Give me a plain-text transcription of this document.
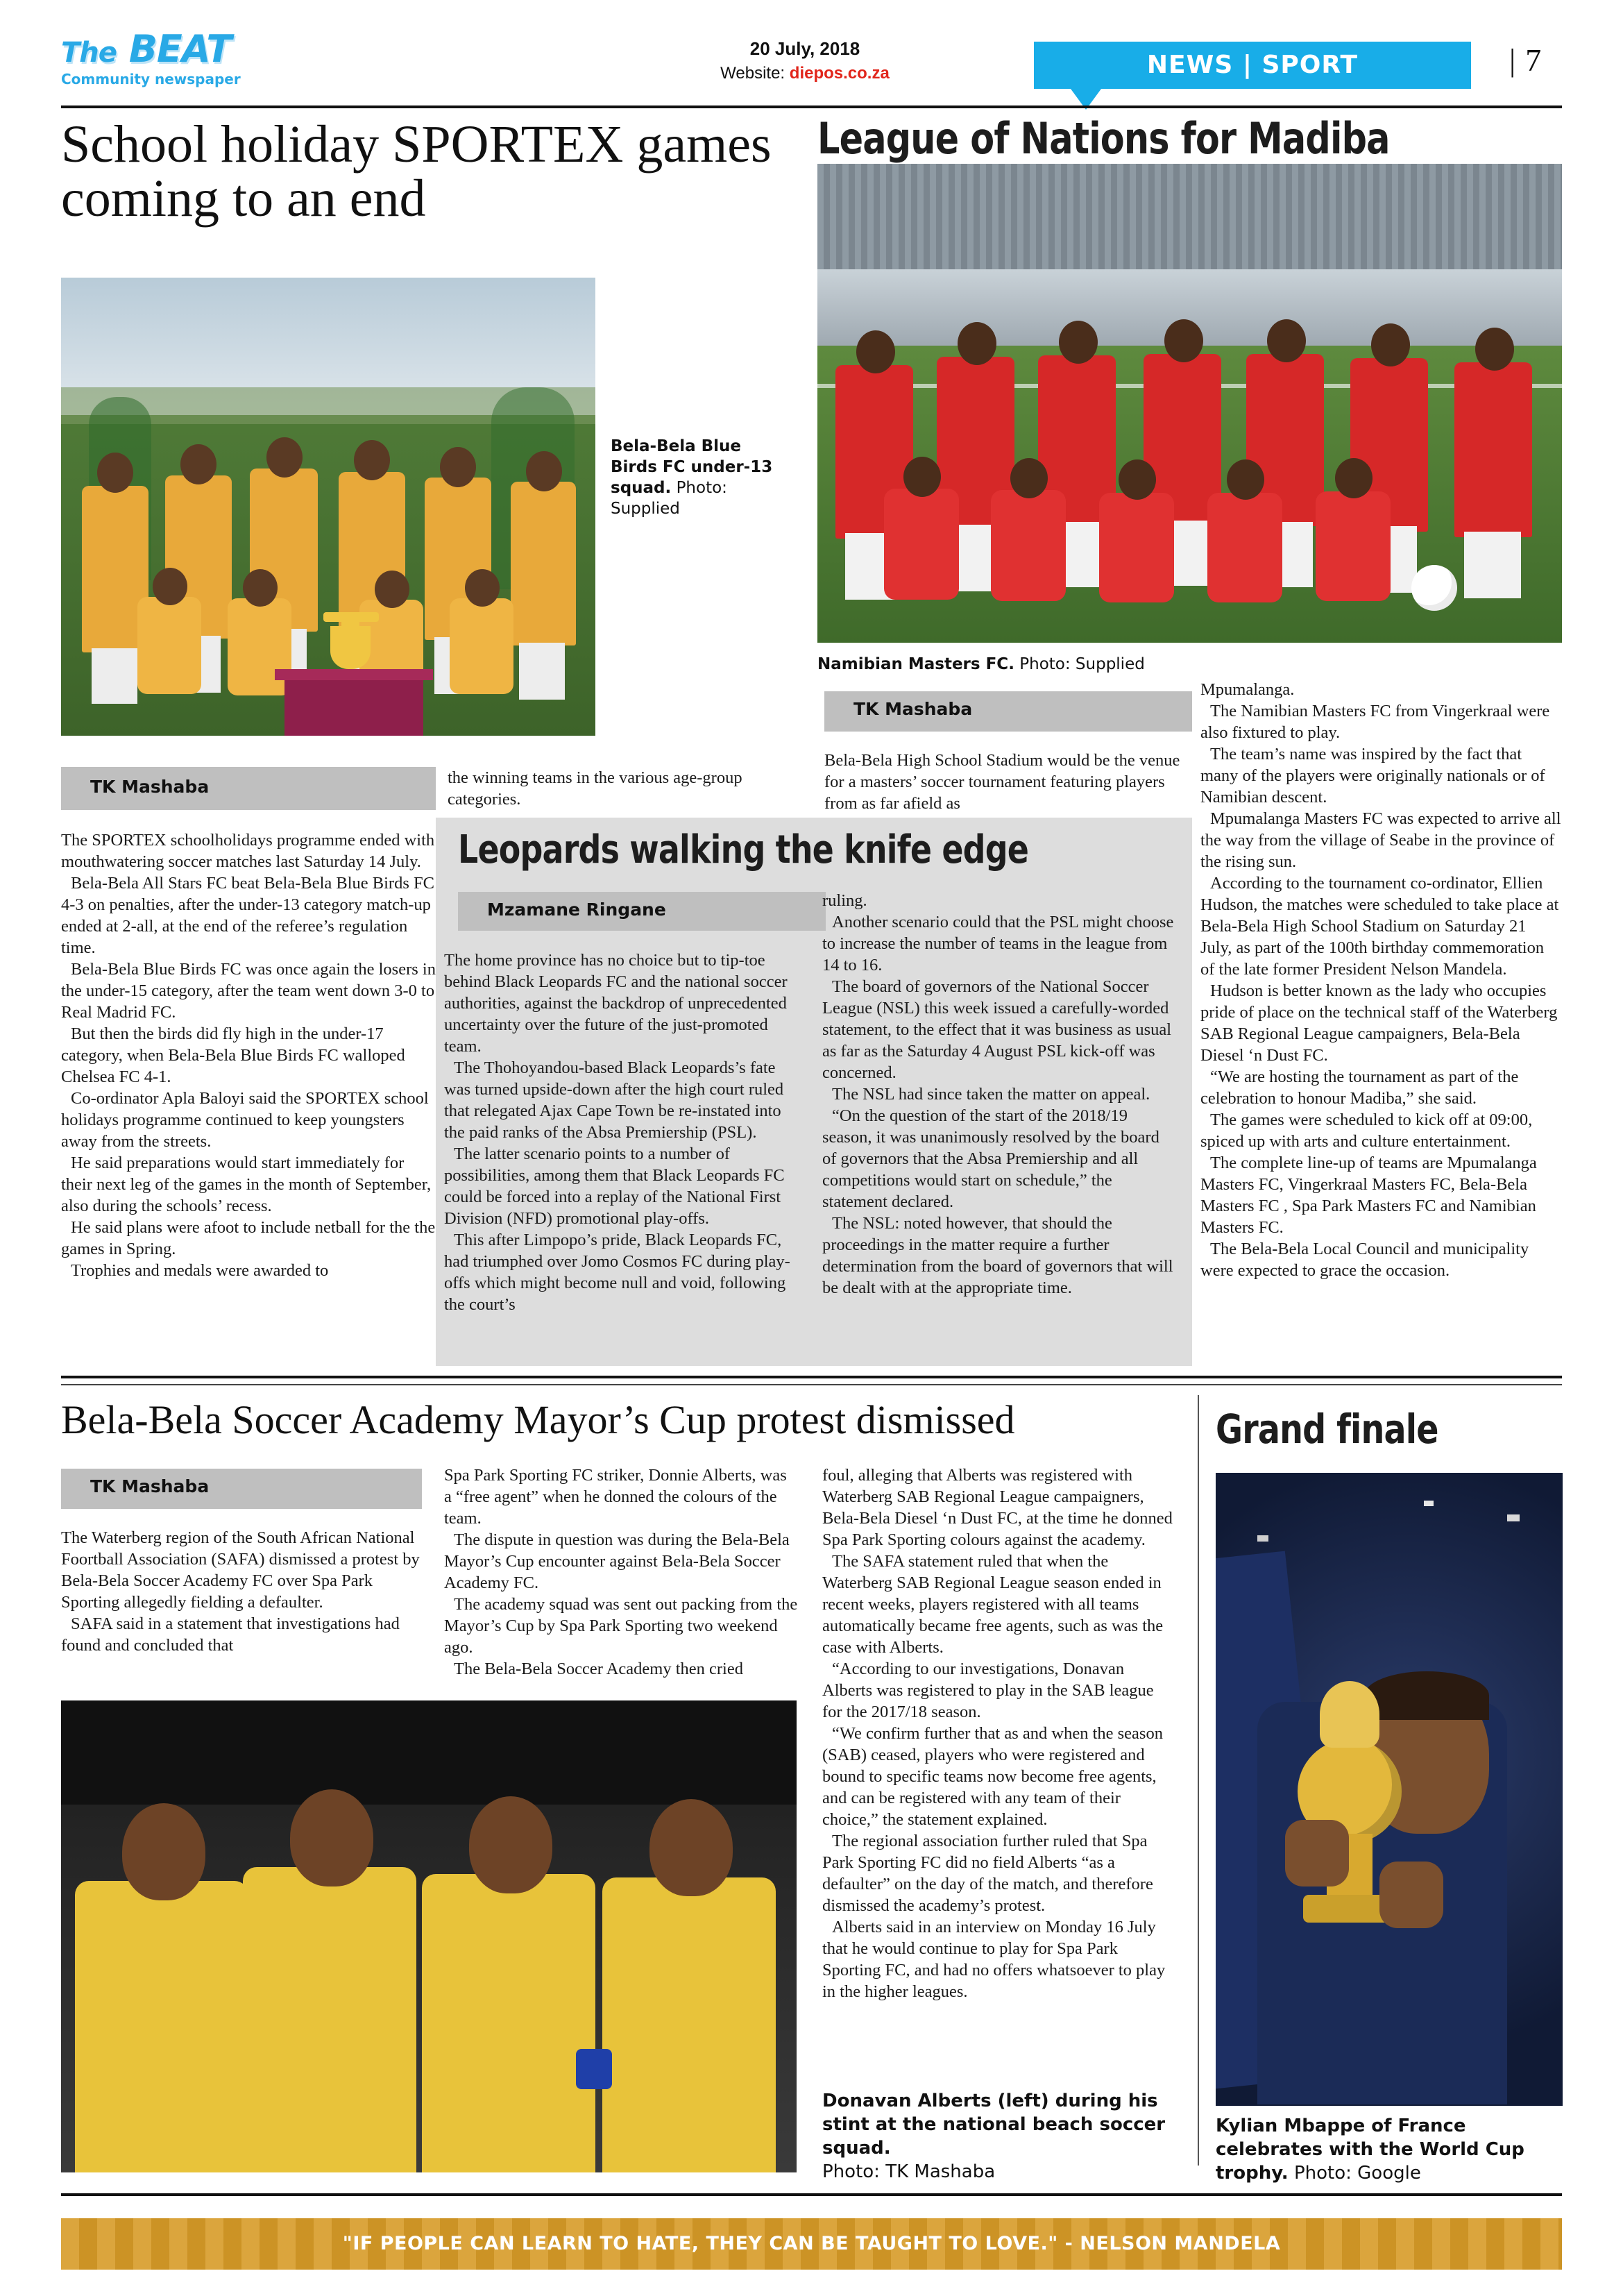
The BEAT
Community newspaper
20 July, 2018
Website: diepos.co.za	NEWS | SPORT	| 7
School holiday SPORTEX games coming to an end
Bela-Bela Blue Birds FC under-13 squad. Photo: Supplied
TK Mashaba

The SPORTEX schoolholidays programme ended with mouthwatering soccer matches last Saturday 14 July.

Bela-Bela All Stars FC beat Bela-Bela Blue Birds FC 4-3 on penalties, after the under-13 category match-up ended at 2-all, at the end of the referee’s regulation time.

Bela-Bela Blue Birds FC was once again the losers in the under-15 category, after the team went down 3-0 to Real Madrid FC.

But then the birds did fly high in the under-17 category, when Bela-Bela Blue Birds FC walloped Chelsea FC 4-1.

Co-ordinator Apla Baloyi said the SPORTEX school holidays programme continued to keep youngsters away from the streets.

He said preparations would start immediately for their next leg of the games in the month of September, also during the schools’ recess.

He said plans were afoot to include netball for the the games in Spring.

Trophies and medals were awarded to

the winning teams in the various age-group categories.

League of Nations for Madiba
Namibian Masters FC. Photo: Supplied
TK Mashaba

Bela-Bela High School Stadium would be the venue for a masters’ soccer tournament featuring players from as far afield as

Mpumalanga.

The Namibian Masters FC from Vingerkraal were also fixtured to play.

The team’s name was inspired by the fact that many of the players were originally nationals or of Namibian descent.

Mpumalanga Masters FC was expected to arrive all the way from the village of Seabe in the province of the rising sun.

According to the tournament co-ordinator, Ellien Hudson, the matches were scheduled to take place at Bela-Bela High School Stadium on Saturday 21 July, as part of the 100th birthday commemoration of the late former President Nelson Mandela.

Hudson is better known as the lady who occupies pride of place on the technical staff of the Waterberg SAB Regional League campaigners, Bela-Bela Diesel ‘n Dust FC.

“We are hosting the tournament as part of the celebration to honour Madiba,” she said.

The games were scheduled to kick off at 09:00, spiced up with arts and culture entertainment.

The complete line-up of teams are Mpumalanga Masters FC, Vingerkraal Masters FC, Bela-Bela Masters FC , Spa Park Masters FC and Namibian Masters FC.

The Bela-Bela Local Council and municipality were expected to grace the occasion.

Leopards walking the knife edge
Mzamane Ringane

The home province has no choice but to tip-toe behind Black Leopards FC and the national soccer authorities, against the backdrop of unprecedented uncertainty over the future of the just-promoted team.

The Thohoyandou-based Black Leopards’s fate was turned upside-down after the high court ruled that relegated Ajax Cape Town be re-instated into the paid ranks of the Absa Premiership (PSL).

The latter scenario points to a number of possibilities, among them that Black Leopards FC could be forced into a replay of the National First Division (NFD) promotional play-offs.

This after Limpopo’s pride, Black Leopards FC, had triumphed over Jomo Cosmos FC during play-offs which might become null and void, following the court’s

ruling.

Another scenario could that the PSL might choose to increase the number of teams in the league from 14 to 16.

The board of governors of the National Soccer League (NSL) this week issued a carefully-worded statement, to the effect that it was business as usual as far as the Saturday 4 August PSL kick-off was concerned.

The NSL had since taken the matter on appeal.

“On the question of the start of the 2018/19 season, it was unanimously resolved by the board of governors that the Absa Premiership and all competitions would start on schedule,” the statement declared.

The NSL: noted however, that should the proceedings in the matter require a further determination from the board of governors that will be dealt with at the appropriate time.

Bela-Bela Soccer Academy Mayor’s Cup protest dismissed
TK Mashaba

The Waterberg region of the South African National Foortball Association (SAFA) dismissed a protest by Bela-Bela Soccer Academy FC over Spa Park Sporting allegedly fielding a defaulter.

SAFA said in a statement that investigations had found and concluded that

Spa Park Sporting FC striker, Donnie Alberts, was a “free agent” when he donned the colours of the team.

The dispute in question was during the Bela-Bela Mayor’s Cup encounter against Bela-Bela Soccer Academy FC.

The academy squad was sent out packing from the Mayor’s Cup by Spa Park Sporting two weekend ago.

The Bela-Bela Soccer Academy then cried

foul, alleging that Alberts was registered with Waterberg SAB Regional League campaigners, Bela-Bela Diesel ‘n Dust FC, at the time he donned Spa Park Sporting colours against the academy.

The SAFA statement ruled that when the Waterberg SAB Regional League season ended in recent weeks, players registered with all teams automatically became free agents, such as was the case with Alberts.

“According to our investigations, Donavan Alberts was registered to play in the SAB league for the 2017/18 season.

“We confirm further that as and when the season (SAB) ceased, players who were registered and bound to specific teams now become free agents, and can be registered with any team of their choice,” the statement explained.

The regional association further ruled that Spa Park Sporting FC did no field Alberts “as a defaulter” on the day of the match, and therefore dismissed the academy’s protest.

Alberts said in an interview on Monday 16 July that he would continue to play for Spa Park Sporting FC, and had no offers whatsoever to play in the higher leagues.

Donavan Alberts (left) during his stint at the national beach soccer squad.
Photo: TK Mashaba
Grand finale
Kylian Mbappe of France celebrates with the World Cup trophy. Photo: Google
"IF PEOPLE CAN LEARN TO HATE, THEY CAN BE TAUGHT TO LOVE." - NELSON MANDELA
